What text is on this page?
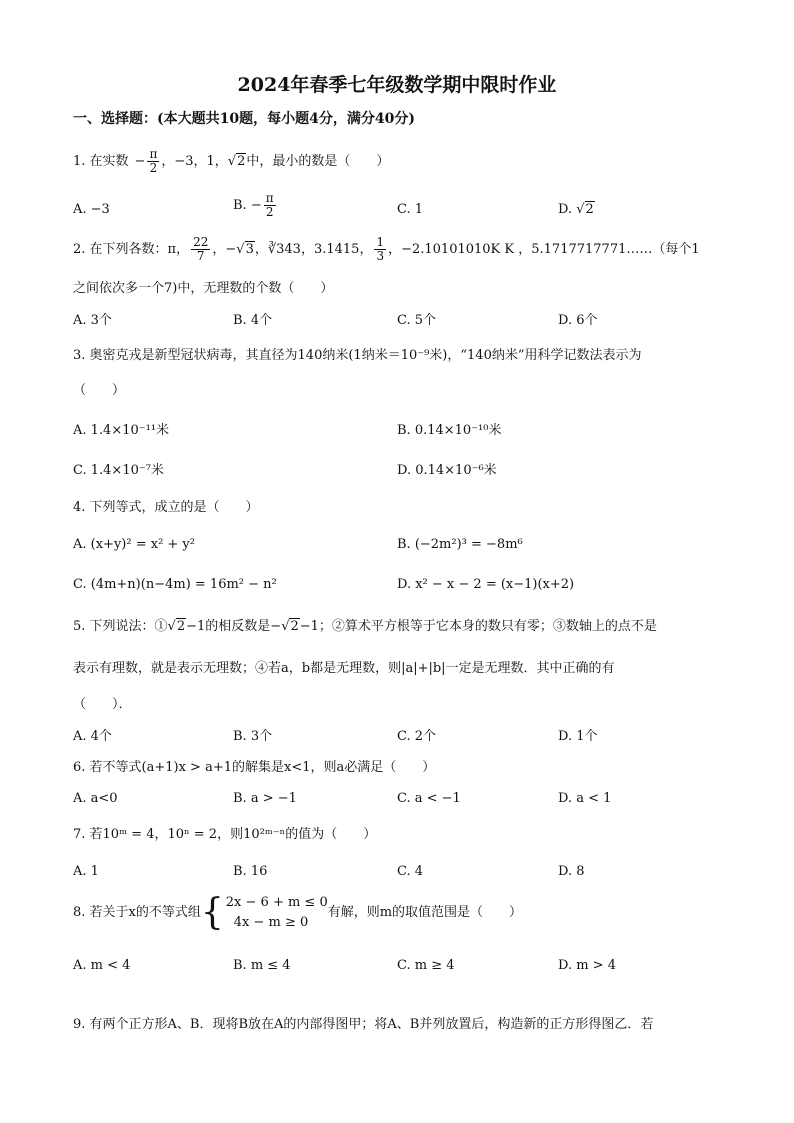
2024年春季七年级数学期中限时作业
一、选择题：(本大题共10题，每小题4分，满分40分)
1. 在实数 − $\frac{\pi}{2}$ ，−3，1，√2中，最小的数是（　　）
A. −3	B. − $\frac{\pi}{2}$	C. 1	D. √2
2. 在下列各数：π， $\frac{22}{7}$ ，−√3，∛343，3.1415， $\frac{1}{3}$ ，−2.10101010K K ，5.1717717771……（每个1
之间依次多一个7)中，无理数的个数（　　）
A. 3个	B. 4个	C. 5个	D. 6个
3. 奥密克戎是新型冠状病毒，其直径为140纳米(1纳米＝10⁻⁹米)，“140纳米”用科学记数法表示为
（　　）
A. 1.4×10⁻¹¹米	B. 0.14×10⁻¹⁰米
C. 1.4×10⁻⁷米	D. 0.14×10⁻⁶米
4. 下列等式，成立的是（　　）
A. (x+y)² = x² + y²	B. (−2m²)³ = −8m⁶
C. (4m+n)(n−4m) = 16m² − n²	D. x² − x − 2 = (x−1)(x+2)
5. 下列说法：①√2−1的相反数是−√2−1；②算术平方根等于它本身的数只有零；③数轴上的点不是
表示有理数，就是表示无理数；④若a，b都是无理数，则|a|+|b|一定是无理数．其中正确的有
（　　）．
A. 4个	B. 3个	C. 2个	D. 1个
6. 若不等式(a+1)x > a+1的解集是x<1，则a必满足（　　）
A. a<0	B. a > −1	C. a < −1	D. a < 1
7. 若10ᵐ = 4，10ⁿ = 2，则10²ᵐ⁻ⁿ的值为（　　）
A. 1	B. 16	C. 4	D. 8
8. 若关于x的不等式组{ 2x − 6 + m ≤ 0
4x − m ≥ 0
有解，则m的取值范围是（　　）
A. m < 4	B. m ≤ 4	C. m ≥ 4	D. m > 4
9. 有两个正方形A、B．现将B放在A的内部得图甲；将A、B并列放置后，构造新的正方形得图乙．若
